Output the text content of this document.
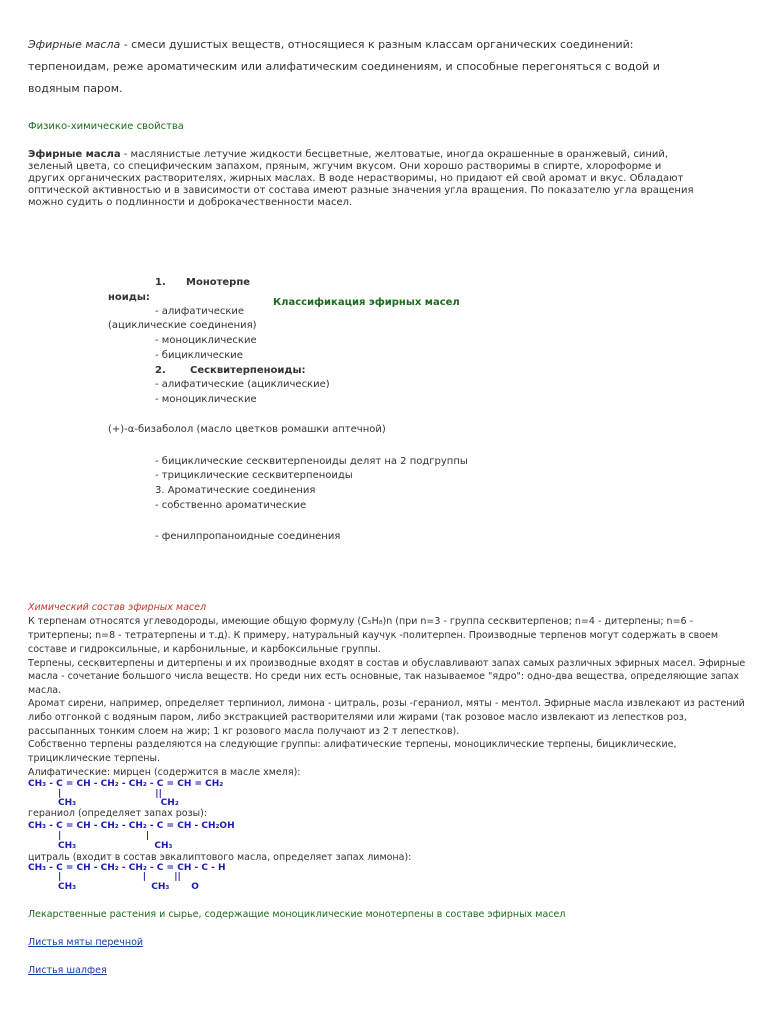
Эфирные масла - смеси душистых веществ, относящиеся к разным классам органических соединений:
терпеноидам, реже ароматическим или алифатическим соединениям, и способные перегоняться с водой и
водяным паром.
Физико-химические свойства
Эфирные масла - маслянистые летучие жидкости бесцветные, желтоватые, иногда окрашенные в оранжевый, синий,
зеленый цвета, со специфическим запахом, пряным, жгучим вкусом. Они хорошо растворимы в спирте, хлороформе и
других органических растворителях, жирных маслах. В воде нерастворимы, но придают ей свой аромат и вкус. Обладают
оптической активностью и в зависимости от состава имеют разные значения угла вращения. По показателю угла вращения
можно судить о подлинности и доброкачественности масел.
1. Монотерпе
ноиды:	Классификация эфирных масел
- алифатические
(ациклические соединения)
- моноциклические
- бициклические
2. Сесквитерпеноиды:
- алифатические (ациклические)
- моноциклические
(+)-α-бизаболол (масло цветков ромашки аптечной)
- бициклические сесквитерпеноиды делят на 2 подгруппы
- трициклические сесквитерпеноиды
3. Ароматические соединения
- собственно ароматические
- фенилпропаноидные соединения
Химический состав эфирных масел
К терпенам относятся углеводороды, имеющие общую формулу (C₅H₈)n (при n=3 - группа сесквитерпенов; n=4 - дитерпены; n=6 -
тритерпены; n=8 - тетратерпены и т.д). К примеру, натуральный каучук -политерпен. Производные терпенов могут содержать в своем
составе и гидроксильные, и карбонильные, и карбоксильные группы.
Терпены, сесквитерпены и дитерпены и их производные входят в состав и обуславливают запах самых различных эфирных масел. Эфирные
масла - сочетание большого числа веществ. Но среди них есть основные, так называемое "ядро": одно-два вещества, определяющие запах
масла.
Аромат сирени, например, определяет терпиниол, лимона - цитраль, розы -гераниол, мяты - ментол. Эфирные масла извлекают из растений
либо отгонкой с водяным паром, либо экстракцией растворителями или жирами (так розовое масло извлекают из лепестков роз,
рассыпанных тонким слоем на жир; 1 кг розового масла получают из 2 т лепестков).
Собственно терпены разделяются на следующие группы: алифатические терпены, моноциклические терпены, бициклические,
трициклические терпены.
Алифатические: мирцен (содержится в масле хмеля):
CH₃ - C = CH - CH₂ - CH₂ - C = CH = CH₂
|                              ||
CH₃                           CH₂
гераниол (определяет запах розы):
CH₃ - C = CH - CH₂ - CH₂ - C = CH - CH₂OH
|                           |
CH₃                         CH₃
цитраль (входит в состав эвкалиптового масла, определяет запах лимона):
CH₃ - C = CH - CH₂ - CH₂ - C = CH - C - H
|                          |         ||
CH₃                        CH₃       O
Лекарственные растения и сырье, содержащие моноциклические монотерпены в составе эфирных масел
Листья мяты перечной
Листья шалфея
